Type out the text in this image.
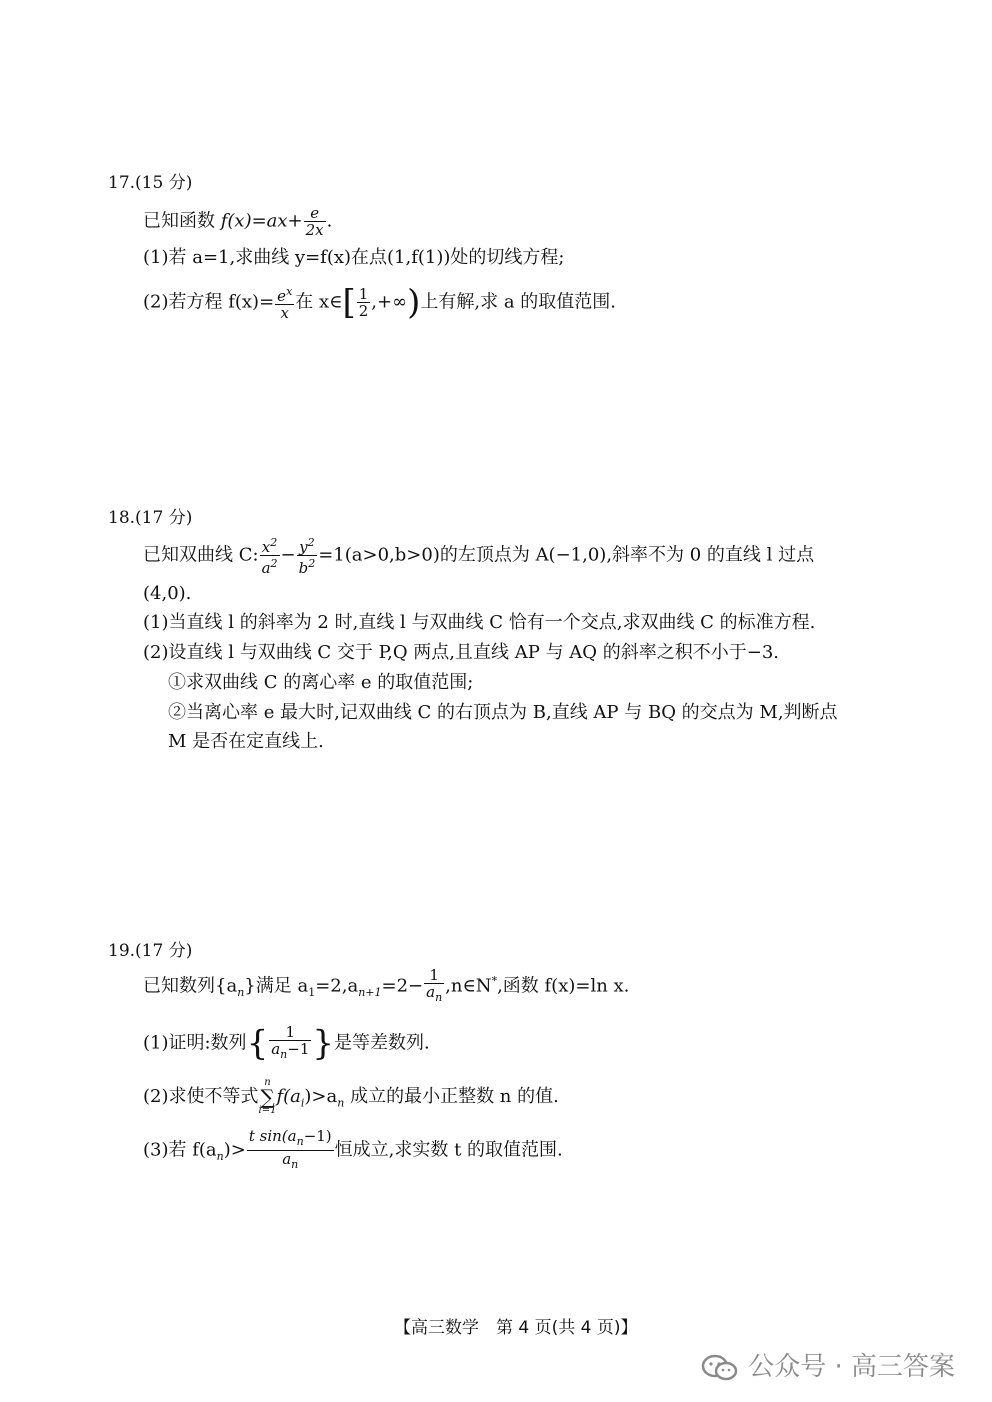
17.(15 分)
已知函数 $f(x)=ax+ \frac{e}{2x}$ .
(1)若 a=1,求曲线 y=f(x)在点(1,f(1))处的切线方程;
(2)若方程 $f(x)= \frac{e^x}{x}$ 在 x∈[ $\frac{1}{2}$ ,+∞)上有解,求 a 的取值范围.
18.(17 分)
已知双曲线 C: $\frac{x^2}{a^2} - \frac{y^2}{b^2} =1(a>0,b>0)$的左顶点为 A(−1,0),斜率不为 0 的直线 l 过点
(4,0).
(1)当直线 l 的斜率为 2 时,直线 l 与双曲线 C 恰有一个交点,求双曲线 C 的标准方程.
(2)设直线 l 与双曲线 C 交于 P,Q 两点,且直线 AP 与 AQ 的斜率之积不小于−3.
①求双曲线 C 的离心率 e 的取值范围;
②当离心率 e 最大时,记双曲线 C 的右顶点为 B,直线 AP 与 BQ 的交点为 M,判断点
M 是否在定直线上.
19.(17 分)
已知数列$\{a_n\}$满足 $a_1=2,a_{n+1}=2- \frac{1}{a_n}$ ,n∈N*,函数 f(x)=ln x.
(1)证明:数列{ $\frac{1}{a_n-1}$ }是等差数列.
(2)求使不等式
n
∑
i=1
$f(a_i)>a_n$ 成立的最小正整数 n 的值.
(3)若 $f(a_n)> \frac{t \sin(a_n-1)}{a_n}$ 恒成立,求实数 t 的取值范围.
【高三数学　第 4 页(共 4 页)】
公众号 · 高三答案
